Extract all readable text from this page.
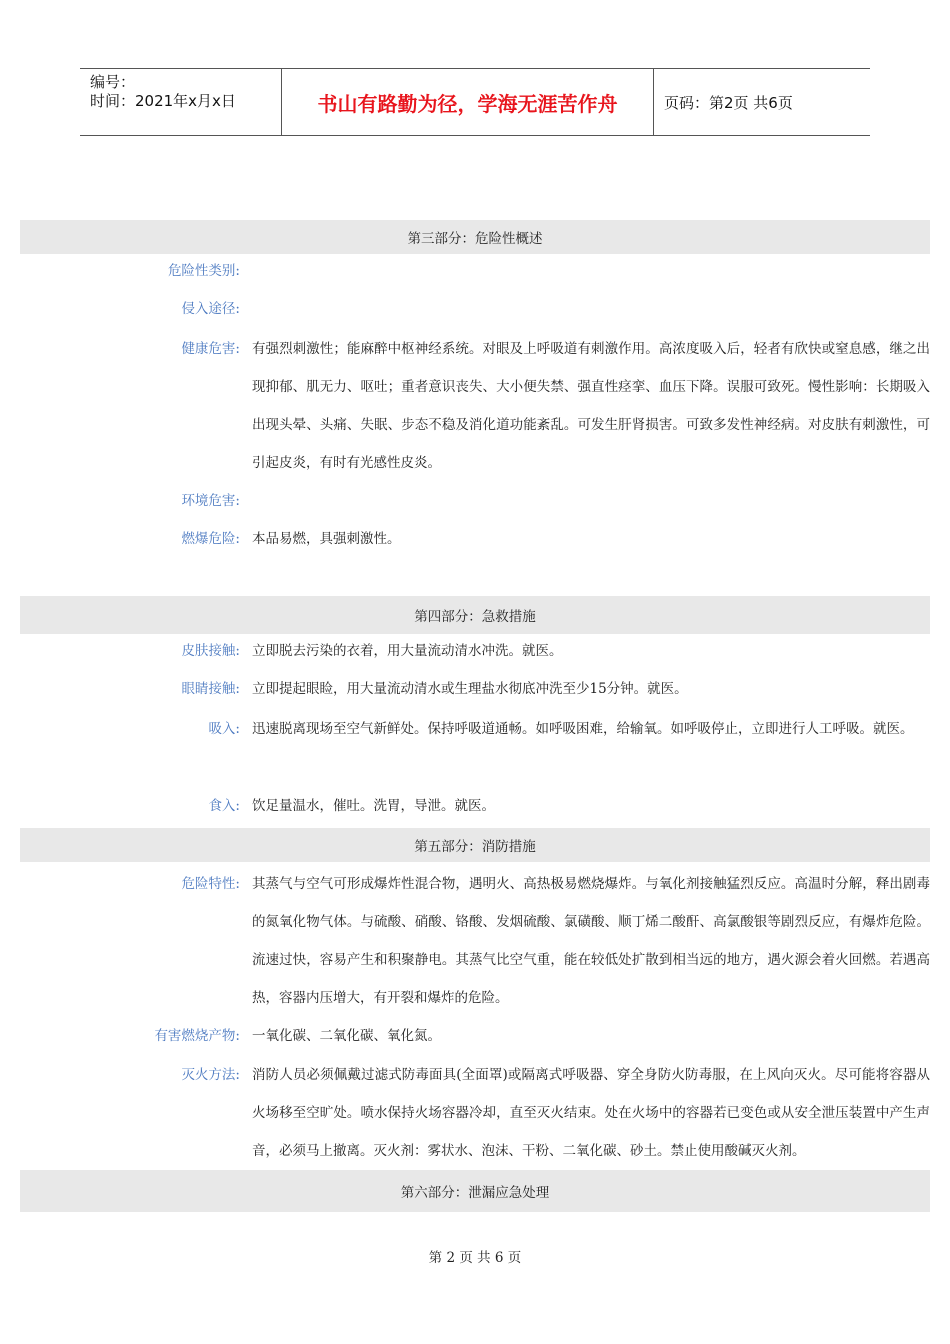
编号：
时间：2021年x月x日	书山有路勤为径，学海无涯苦作舟	页码：第2页 共6页
第三部分：危险性概述
危险性类别:
侵入途径:
健康危害: 有强烈刺激性；能麻醉中枢神经系统。对眼及上呼吸道有刺激作用。高浓度吸入后，轻者有欣快或窒息感，继之出现抑郁、肌无力、呕吐；重者意识丧失、大小便失禁、强直性痉挛、血压下降。误服可致死。慢性影响：长期吸入出现头晕、头痛、失眠、步态不稳及消化道功能紊乱。可发生肝肾损害。可致多发性神经病。对皮肤有刺激性，可引起皮炎，有时有光感性皮炎。
环境危害:
燃爆危险: 本品易燃，具强刺激性。
第四部分：急救措施
皮肤接触: 立即脱去污染的衣着，用大量流动清水冲洗。就医。
眼睛接触: 立即提起眼睑，用大量流动清水或生理盐水彻底冲洗至少15分钟。就医。
吸入: 迅速脱离现场至空气新鲜处。保持呼吸道通畅。如呼吸困难，给输氧。如呼吸停止，立即进行人工呼吸。就医。
食入: 饮足量温水，催吐。洗胃，导泄。就医。
第五部分：消防措施
危险特性: 其蒸气与空气可形成爆炸性混合物，遇明火、高热极易燃烧爆炸。与氧化剂接触猛烈反应。高温时分解，释出剧毒的氮氧化物气体。与硫酸、硝酸、铬酸、发烟硫酸、氯磺酸、顺丁烯二酸酐、高氯酸银等剧烈反应，有爆炸危险。流速过快，容易产生和积聚静电。其蒸气比空气重，能在较低处扩散到相当远的地方，遇火源会着火回燃。若遇高热，容器内压增大，有开裂和爆炸的危险。
有害燃烧产物: 一氧化碳、二氧化碳、氧化氮。
灭火方法: 消防人员必须佩戴过滤式防毒面具(全面罩)或隔离式呼吸器、穿全身防火防毒服，在上风向灭火。尽可能将容器从火场移至空旷处。喷水保持火场容器冷却，直至灭火结束。处在火场中的容器若已变色或从安全泄压装置中产生声音，必须马上撤离。灭火剂：雾状水、泡沫、干粉、二氧化碳、砂土。禁止使用酸碱灭火剂。
第六部分：泄漏应急处理
第 2 页 共 6 页
